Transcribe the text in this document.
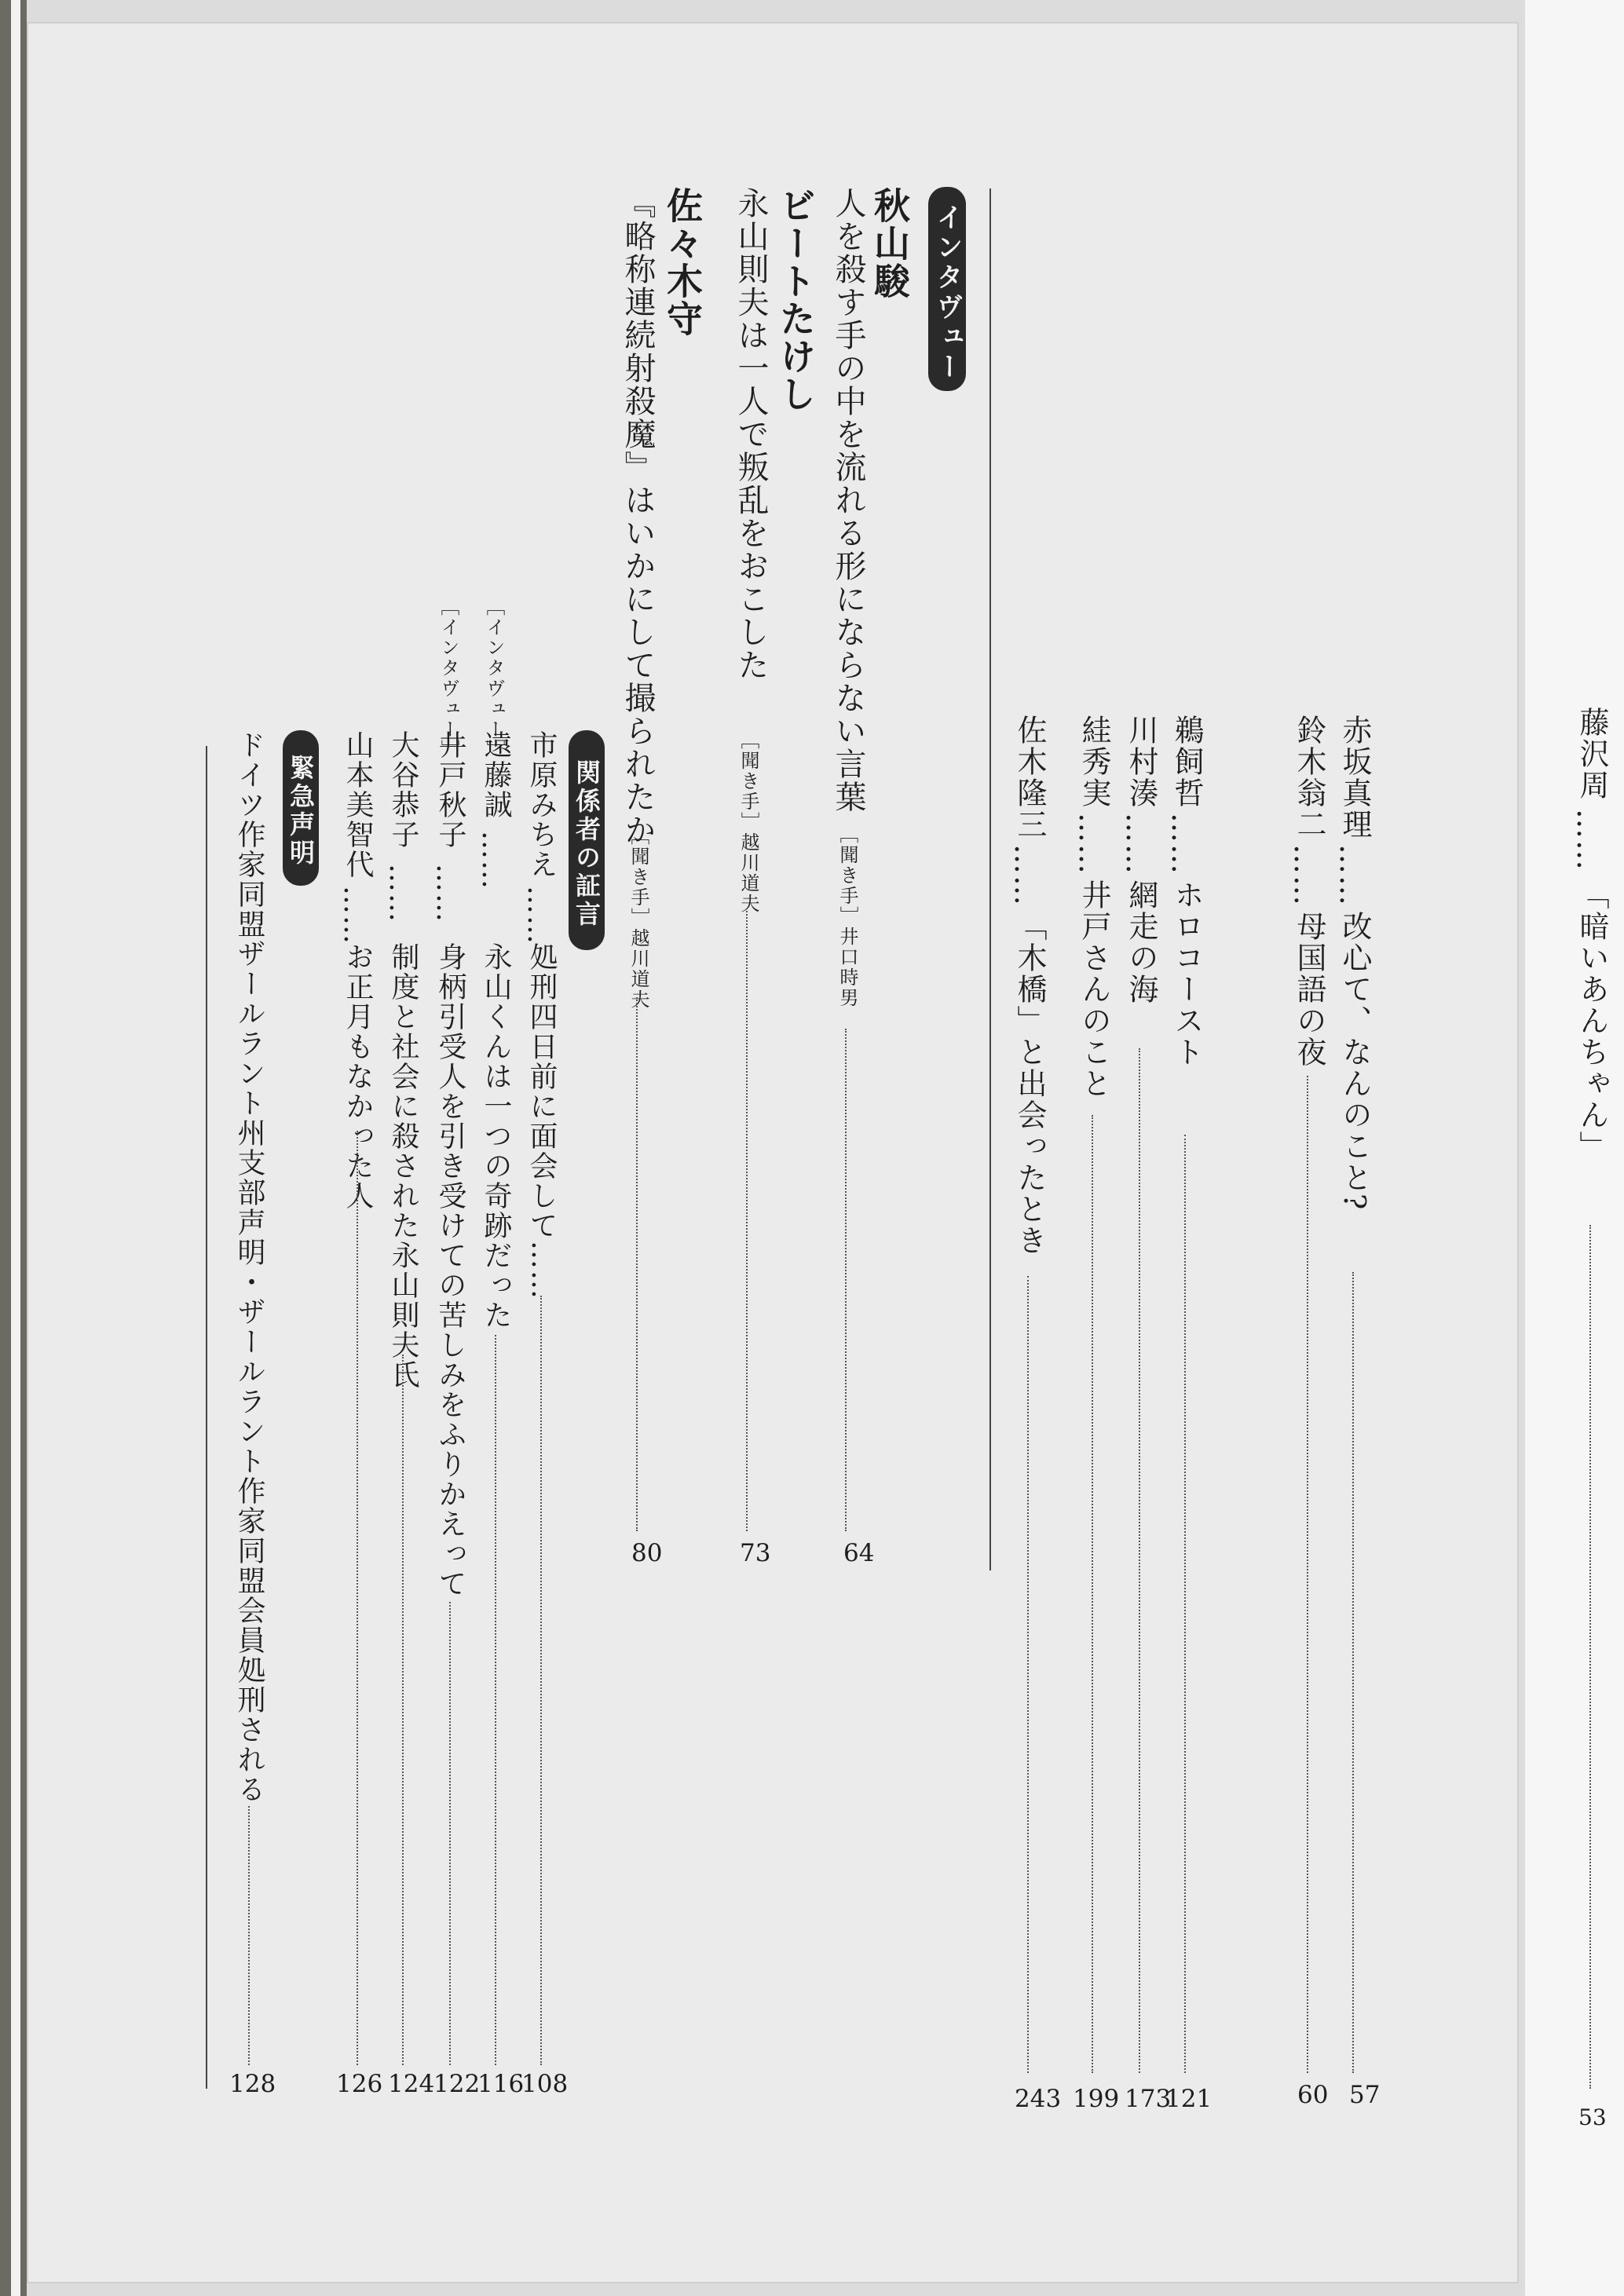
赤坂真理
……
改心て、なんのこと?
57
鈴木翁二
……
母国語の夜
60
鵜飼哲
……
ホロコースト
121
川村湊
……
網走の海
173
絓秀実
……
井戸さんのこと
199
佐木隆三
……
「木橋」と出会ったとき
243
インタヴュー
秋山駿
人を殺す手の中を流れる形にならない言葉
［聞き手］井口時男
64
ビートたけし
永山則夫は一人で叛乱をおこした
［聞き手］越川道夫
73
佐々木守
『略称連続射殺魔』はいかにして撮られたか
［聞き手］越川道夫
80
関係者の証言
市原みちえ
……
処刑四日前に面会して……
108
［インタヴュー］
遠藤誠
……
永山くんは一つの奇跡だった
116
［インタヴュー］
井戸秋子
……
身柄引受人を引き受けての苦しみをふりかえって
122
大谷恭子
……
制度と社会に殺された永山則夫氏
124
山本美智代
……
お正月もなかった人
126
緊急声明
ドイツ作家同盟ザールラント州支部声明・ザールラント作家同盟会員処刑される
128
藤沢周
……
「暗いあんちゃん」
53
